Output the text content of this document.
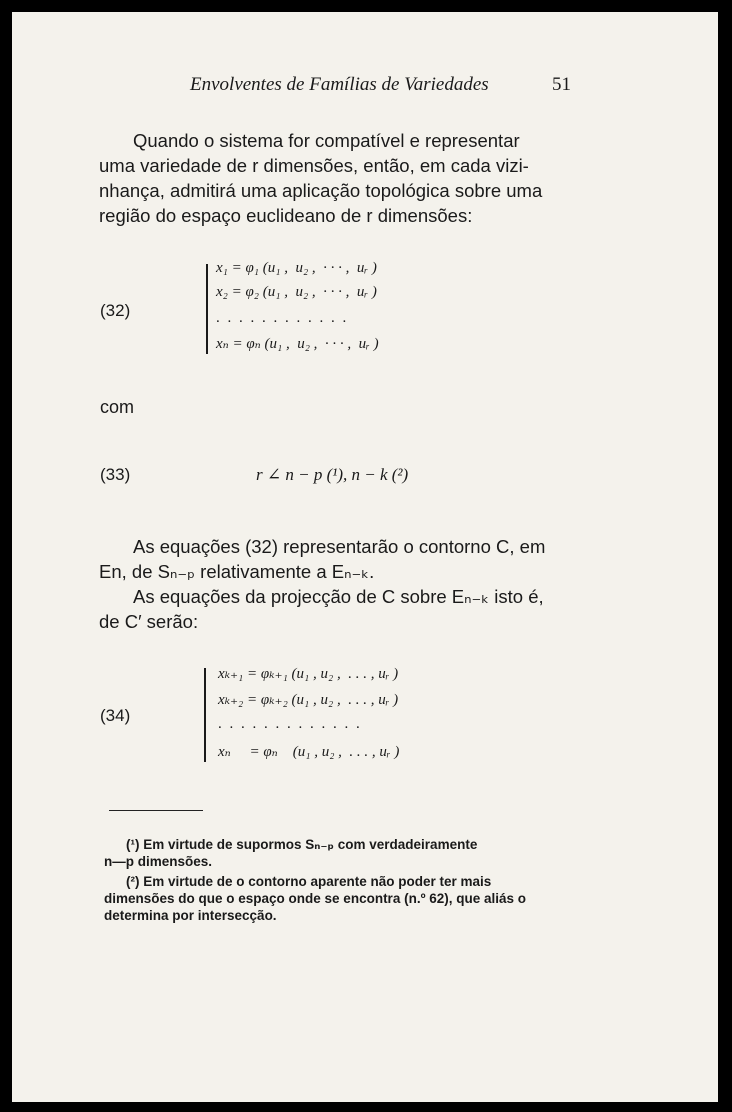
Envolventes de Famílias de Variedades	51
Quando o sistema for compatível e representar
uma variedade de r dimensões, então, em cada vizi-
nhança, admitirá uma aplicação topológica sobre uma
região do espaço euclideano de r dimensões:
(32)
x₁ = φ₁ (u₁ ,  u₂ ,  · · · ,  uᵣ )
x₂ = φ₂ (u₁ ,  u₂ ,  · · · ,  uᵣ )
. . . . . . . . . . . .
xₙ = φₙ (u₁ ,  u₂ ,  · · · ,  uᵣ )
com
(33)	r ∠ n − p (¹), n − k (²)
As equações (32) representarão o contorno C, em
En, de Sₙ₋ₚ relativamente a Eₙ₋ₖ.
As equações da projecção de C sobre Eₙ₋ₖ isto é,
de C′ serão:
(34)
xₖ₊₁ = φₖ₊₁ (u₁ , u₂ ,  . . . , uᵣ )
xₖ₊₂ = φₖ₊₂ (u₁ , u₂ ,  . . . , uᵣ )
. . . . . . . . . . . . .
xₙ     = φₙ    (u₁ , u₂ ,  . . . , uᵣ )
(¹) Em virtude de supormos Sₙ₋ₚ com verdadeiramente
n—p dimensões.
(²) Em virtude de o contorno aparente não poder ter mais
dimensões do que o espaço onde se encontra (n.º 62), que aliás o
determina por intersecção.
